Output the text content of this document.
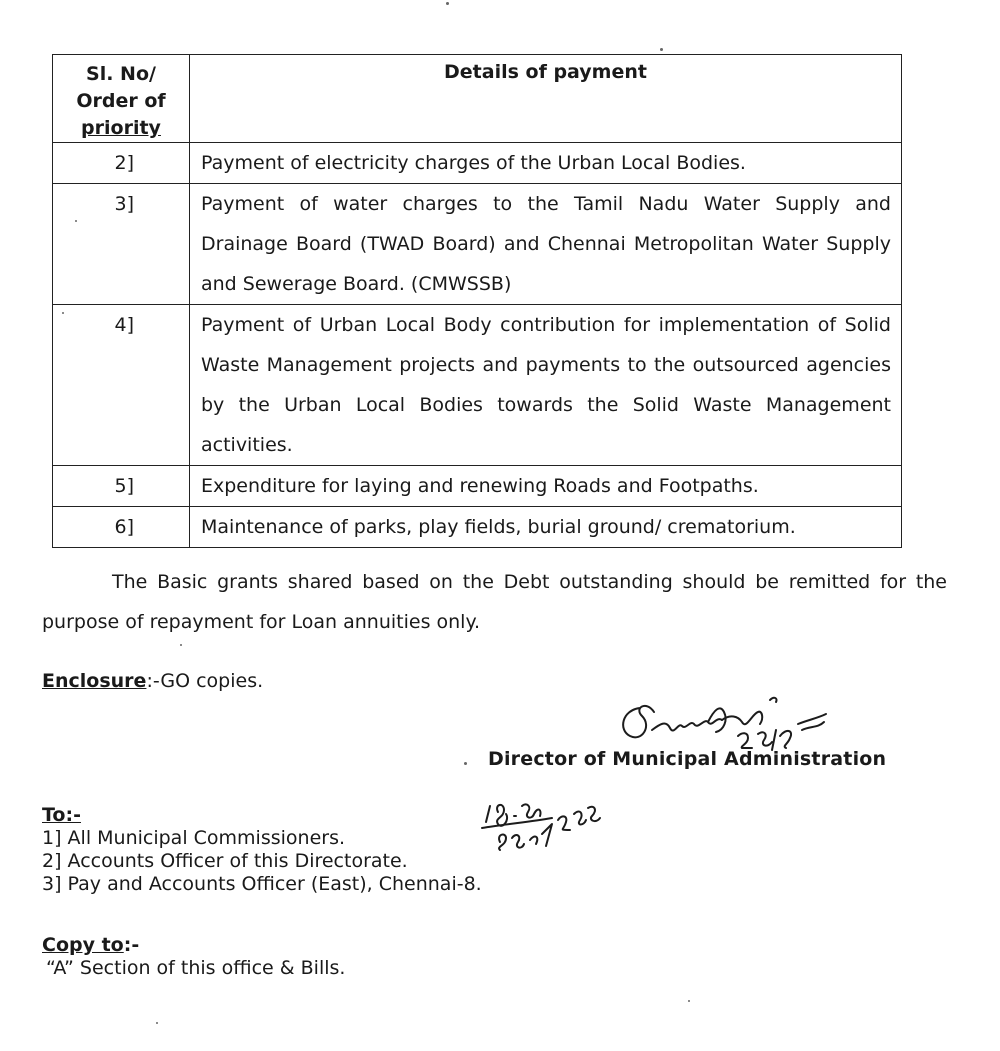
Sl. No/
Order of
priority	Details of payment
2]	Payment of electricity charges of the Urban Local Bodies.
3]	Payment of water charges to the Tamil Nadu Water Supply and Drainage Board (TWAD Board) and Chennai Metropolitan Water Supply and Sewerage Board. (CMWSSB)
4]	Payment of Urban Local Body contribution for implementation of Solid Waste Management projects and payments to the outsourced agencies by the Urban Local Bodies towards the Solid Waste Management activities.
5]	Expenditure for laying and renewing Roads and Footpaths.
6]	Maintenance of parks, play fields, burial ground/ crematorium.

The Basic grants shared based on the Debt outstanding should be remitted for the purpose of repayment for Loan annuities only.

Enclosure:-GO copies.

Director of Municipal Administration

To:-
1] All Municipal Commissioners.
2] Accounts Officer of this Directorate.
3] Pay and Accounts Officer (East), Chennai-8.
Copy to:-
“A” Section of this office & Bills.
